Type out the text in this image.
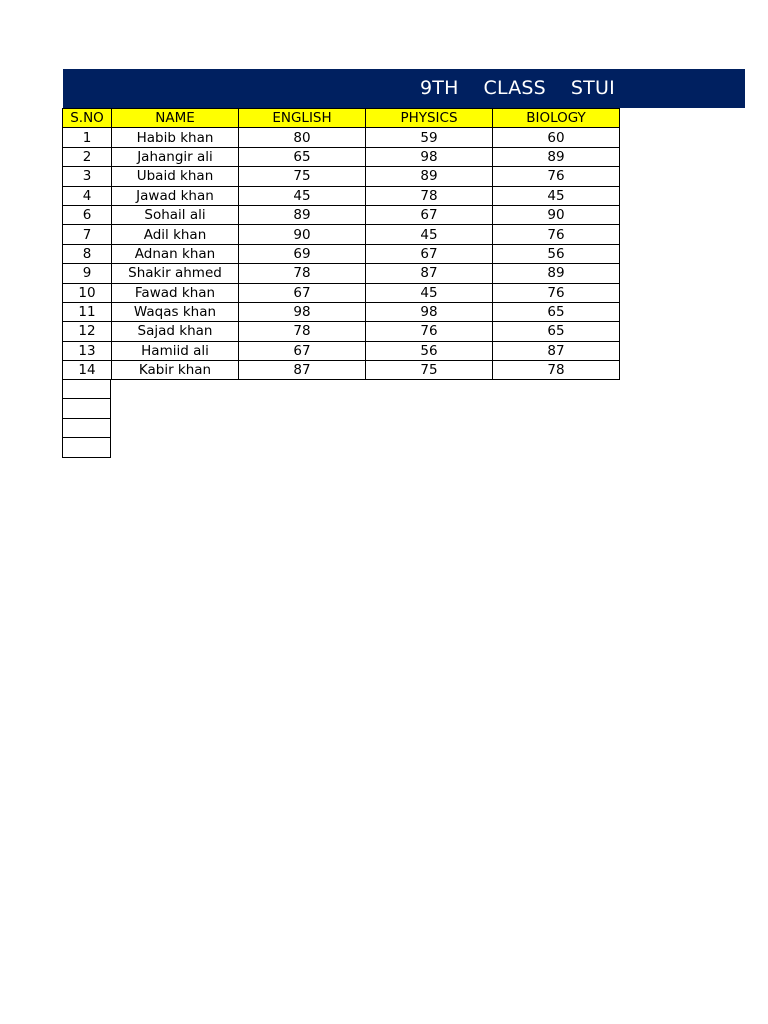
9TH    CLASS    STUI
S.NO	NAME	ENGLISH	PHYSICS	BIOLOGY
1	Habib khan	80	59	60
2	Jahangir ali	65	98	89
3	Ubaid khan	75	89	76
4	Jawad khan	45	78	45
6	Sohail ali	89	67	90
7	Adil khan	90	45	76
8	Adnan khan	69	67	56
9	Shakir ahmed	78	87	89
10	Fawad khan	67	45	76
11	Waqas khan	98	98	65
12	Sajad khan	78	76	65
13	Hamiid ali	67	56	87
14	Kabir khan	87	75	78
